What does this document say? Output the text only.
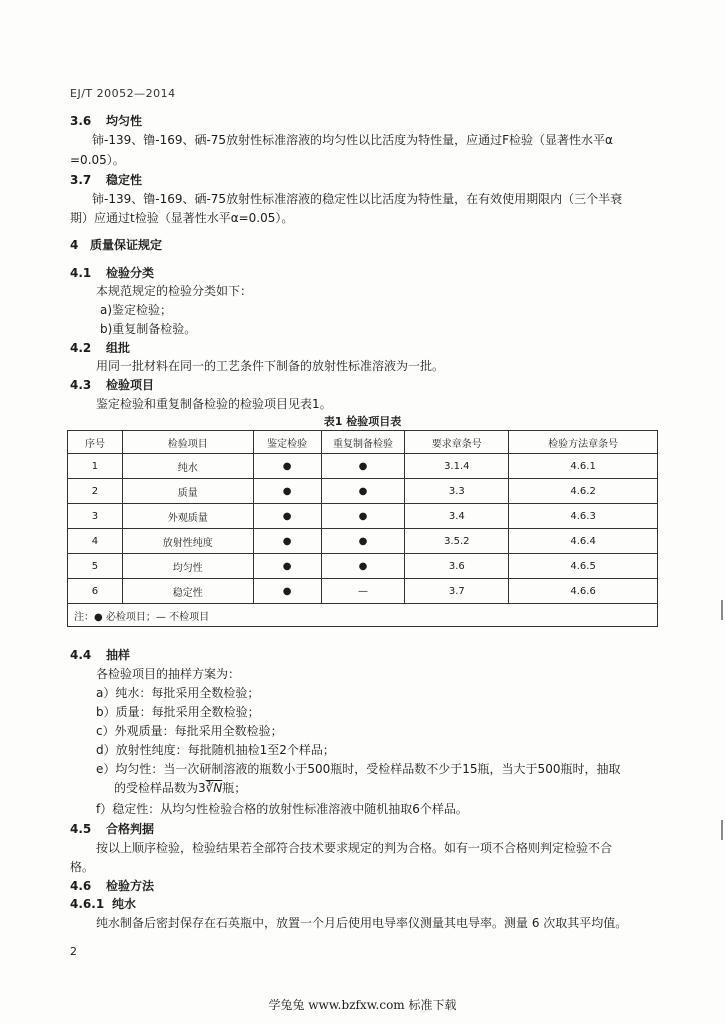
EJ/T 20052—2014
3.6 均匀性
铈-139、镥-169、硒-75放射性标准溶液的均匀性以比活度为特性量，应通过F检验（显著性水平α
=0.05）。
3.7 稳定性
铈-139、镥-169、硒-75放射性标准溶液的稳定性以比活度为特性量，在有效使用期限内（三个半衰
期）应通过t检验（显著性水平α=0.05）。
4 质量保证规定
4.1 检验分类
本规范规定的检验分类如下：
a)鉴定检验；
b)重复制备检验。
4.2 组批
用同一批材料在同一的工艺条件下制备的放射性标准溶液为一批。
4.3 检验项目
鉴定检验和重复制备检验的检验项目见表1。
表1 检验项目表
序号	检验项目	鉴定检验	重复制备检验	要求章条号	检验方法章条号
1	纯水	●	●	3.1.4	4.6.1
2	质量	●	●	3.3	4.6.2
3	外观质量	●	●	3.4	4.6.3
4	放射性纯度	●	●	3.5.2	4.6.4
5	均匀性	●	●	3.6	4.6.5
6	稳定性	●	—	3.7	4.6.6
注：● 必检项目；— 不检项目					
4.4 抽样
各检验项目的抽样方案为：
a）纯水：每批采用全数检验；
b）质量：每批采用全数检验；
c）外观质量：每批采用全数检验；
d）放射性纯度：每批随机抽检1至2个样品；
e）均匀性：当一次研制溶液的瓶数小于500瓶时，受检样品数不少于15瓶，当大于500瓶时，抽取
的受检样品数为3∛N瓶；
f）稳定性：从均匀性检验合格的放射性标准溶液中随机抽取6个样品。
4.5 合格判据
按以上顺序检验，检验结果若全部符合技术要求规定的判为合格。如有一项不合格则判定检验不合
格。
4.6 检验方法
4.6.1 纯水
纯水制备后密封保存在石英瓶中，放置一个月后使用电导率仪测量其电导率。测量 6 次取其平均值。
2
学兔兔 www.bzfxw.com 标准下载
